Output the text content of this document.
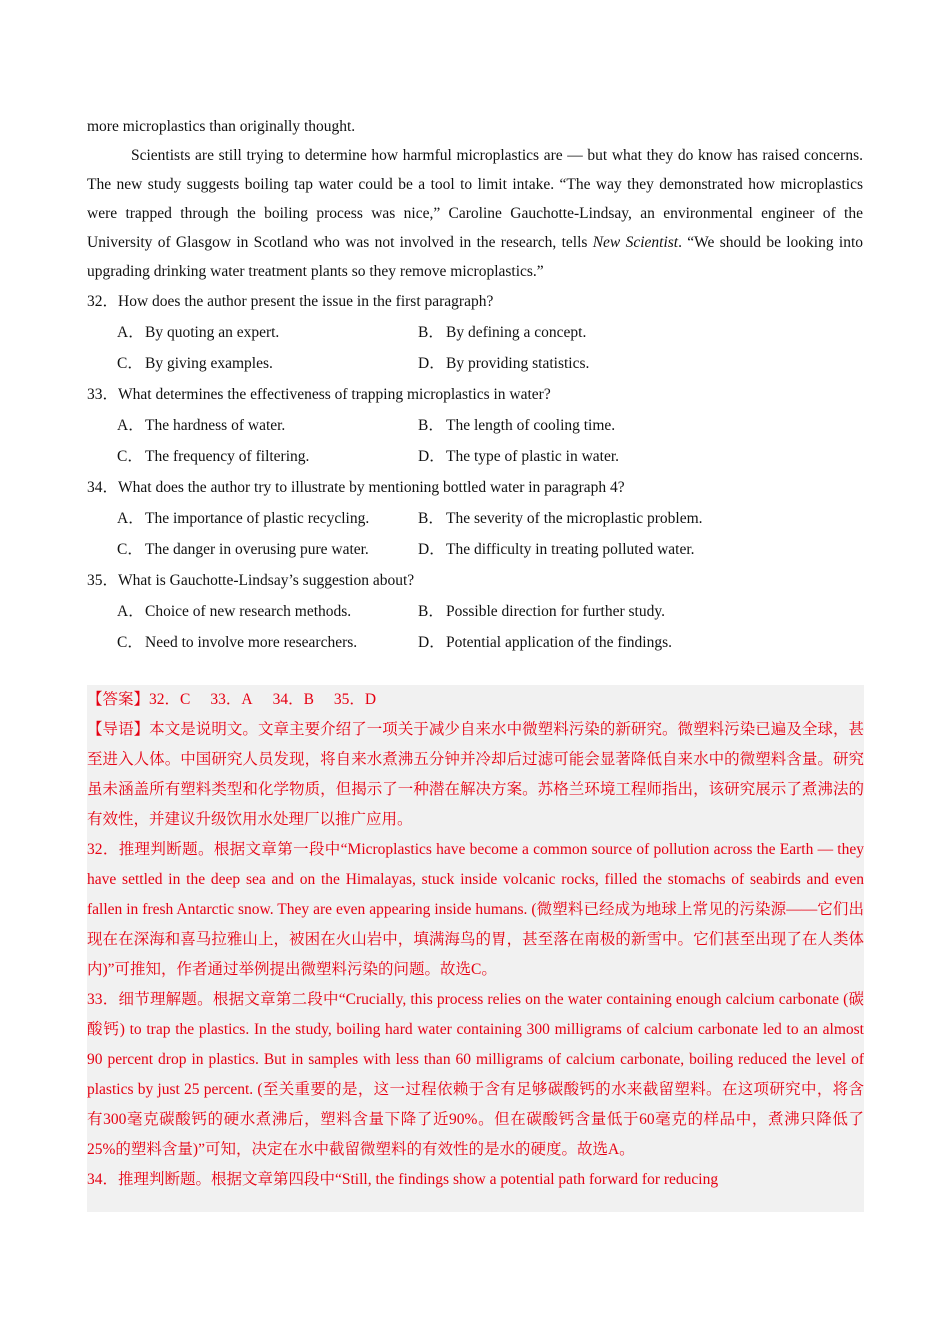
more microplastics than originally thought.
Scientists are still trying to determine how harmful microplastics are — but what they do know has raised concerns. The new study suggests boiling tap water could be a tool to limit intake. “The way they demonstrated how microplastics were trapped through the boiling process was nice,” Caroline Gauchotte-Lindsay, an environmental engineer of the University of Glasgow in Scotland who was not involved in the research, tells New Scientist. “We should be looking into upgrading drinking water treatment plants so they remove microplastics.”
32．How does the author present the issue in the first paragraph?
A．By quoting an expert.	B． By defining a concept.
C． By giving examples.	D．By providing statistics.
33．What determines the effectiveness of trapping microplastics in water?
A．The hardness of water.	B． The length of cooling time.
C． The frequency of filtering.	D．The type of plastic in water.
34．What does the author try to illustrate by mentioning bottled water in paragraph 4?
A．The importance of plastic recycling.	B． The severity of the microplastic problem.
C． The danger in overusing pure water.	D．The difficulty in treating polluted water.
35．What is Gauchotte-Lindsay’s suggestion about?
A．Choice of new research methods.	B． Possible direction for further study.
C． Need to involve more researchers.	D．Potential application of the findings.

【答案】32．C 33．A 34．B 35．D

【导语】本文是说明文。文章主要介绍了一项关于减少自来水中微塑料污染的新研究。微塑料污染已遍及全球，甚至进入人体。中国研究人员发现，将自来水煮沸五分钟并冷却后过滤可能会显著降低自来水中的微塑料含量。研究虽未涵盖所有塑料类型和化学物质，但揭示了一种潜在解决方案。苏格兰环境工程师指出，该研究展示了煮沸法的有效性，并建议升级饮用水处理厂以推广应用。

32．推理判断题。根据文章第一段中“Microplastics have become a common source of pollution across the Earth — they have settled in the deep sea and on the Himalayas, stuck inside volcanic rocks, filled the stomachs of seabirds and even fallen in fresh Antarctic snow. They are even appearing inside humans. (微塑料已经成为地球上常见的污染源——它们出现在在深海和喜马拉雅山上，被困在火山岩中，填满海鸟的胃，甚至落在南极的新雪中。它们甚至出现了在人类体内)”可推知，作者通过举例提出微塑料污染的问题。故选C。

33．细节理解题。根据文章第二段中“Crucially, this process relies on the water containing enough calcium carbonate (碳酸钙) to trap the plastics. In the study, boiling hard water containing 300 milligrams of calcium carbonate led to an almost 90 percent drop in plastics. But in samples with less than 60 milligrams of calcium carbonate, boiling reduced the level of plastics by just 25 percent. (至关重要的是，这一过程依赖于含有足够碳酸钙的水来截留塑料。在这项研究中，将含有300毫克碳酸钙的硬水煮沸后，塑料含量下降了近90%。但在碳酸钙含量低于60毫克的样品中，煮沸只降低了25%的塑料含量)”可知，决定在水中截留微塑料的有效性的是水的硬度。故选A。

34．推理判断题。根据文章第四段中“Still, the findings show a potential path forward for reducing
